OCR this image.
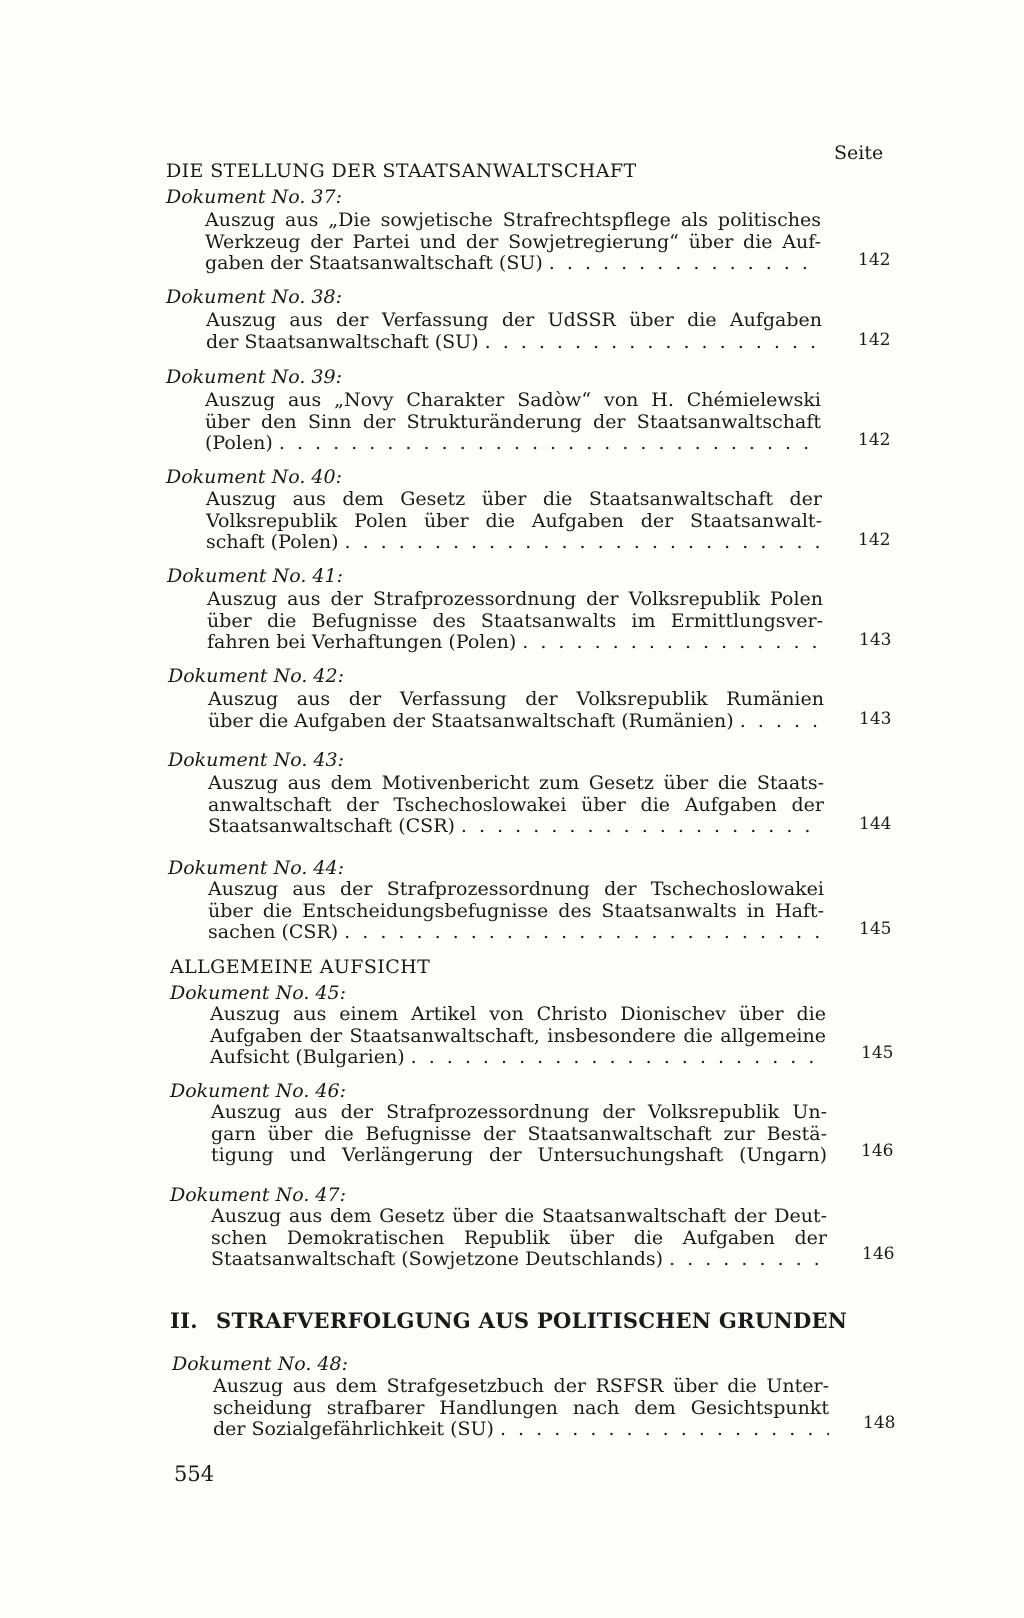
Seite
DIE STELLUNG DER STAATSANWALTSCHAFT
Dokument No. 37:
Auszug aus „Die sowjetische Strafrechtspflege als politisches
Werkzeug der Partei und der Sowjetregierung“ über die Auf-
gaben der Staatsanwaltschaft (SU) . . .	142
Dokument No. 38:
Auszug aus der Verfassung der UdSSR über die Aufgaben
der Staatsanwaltschaft (SU) . . .	142
Dokument No. 39:
Auszug aus „Novy Charakter Sadòw“ von H. Chémielewski
über den Sinn der Strukturänderung der Staatsanwaltschaft
(Polen) . . .	142
Dokument No. 40:
Auszug aus dem Gesetz über die Staatsanwaltschaft der
Volksrepublik Polen über die Aufgaben der Staatsanwalt-
schaft (Polen) . . .	142
Dokument No. 41:
Auszug aus der Strafprozessordnung der Volksrepublik Polen
über die Befugnisse des Staatsanwalts im Ermittlungsver-
fahren bei Verhaftungen (Polen) . . .	143
Dokument No. 42:
Auszug aus der Verfassung der Volksrepublik Rumänien
über die Aufgaben der Staatsanwaltschaft (Rumänien) . . .	143
Dokument No. 43:
Auszug aus dem Motivenbericht zum Gesetz über die Staats-
anwaltschaft der Tschechoslowakei über die Aufgaben der
Staatsanwaltschaft (CSR) . . .	144
Dokument No. 44:
Auszug aus der Strafprozessordnung der Tschechoslowakei
über die Entscheidungsbefugnisse des Staatsanwalts in Haft-
sachen (CSR) . . .	145
ALLGEMEINE AUFSICHT
Dokument No. 45:
Auszug aus einem Artikel von Christo Dionischev über die
Aufgaben der Staatsanwaltschaft, insbesondere die allgemeine
Aufsicht (Bulgarien) . . .	145
Dokument No. 46:
Auszug aus der Strafprozessordnung der Volksrepublik Un-
garn über die Befugnisse der Staatsanwaltschaft zur Bestä-
tigung und Verlängerung der Untersuchungshaft (Ungarn) 146
Dokument No. 47:
Auszug aus dem Gesetz über die Staatsanwaltschaft der Deut-
schen Demokratischen Republik über die Aufgaben der
Staatsanwaltschaft (Sowjetzone Deutschlands) . . .	146
II. STRAFVERFOLGUNG AUS POLITISCHEN GRUNDEN
Dokument No. 48:
Auszug aus dem Strafgesetzbuch der RSFSR über die Unter-
scheidung strafbarer Handlungen nach dem Gesichtspunkt
der Sozialgefährlichkeit (SU) . . .	148
554
